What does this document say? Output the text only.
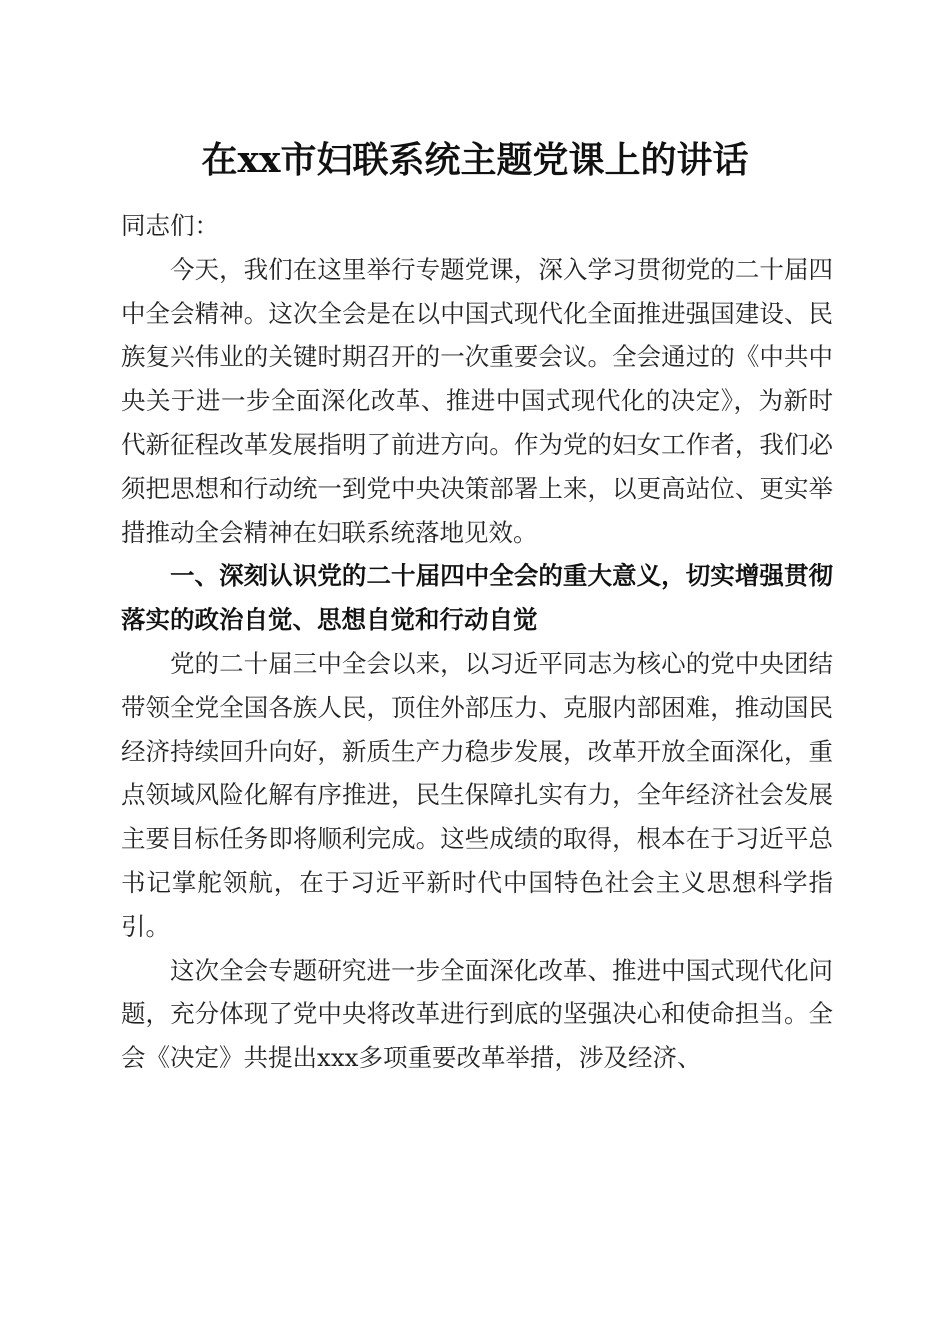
在xx市妇联系统主题党课上的讲话

同志们：

今天，我们在这里举行专题党课，深入学习贯彻党的二十届四中全会精神。这次全会是在以中国式现代化全面推进强国建设、民族复兴伟业的关键时期召开的一次重要会议。全会通过的《中共中央关于进一步全面深化改革、推进中国式现代化的决定》，为新时代新征程改革发展指明了前进方向。作为党的妇女工作者，我们必须把思想和行动统一到党中央决策部署上来，以更高站位、更实举措推动全会精神在妇联系统落地见效。

一、深刻认识党的二十届四中全会的重大意义，切实增强贯彻落实的政治自觉、思想自觉和行动自觉

党的二十届三中全会以来，以习近平同志为核心的党中央团结带领全党全国各族人民，顶住外部压力、克服内部困难，推动国民经济持续回升向好，新质生产力稳步发展，改革开放全面深化，重点领域风险化解有序推进，民生保障扎实有力，全年经济社会发展主要目标任务即将顺利完成。这些成绩的取得，根本在于习近平总书记掌舵领航，在于习近平新时代中国特色社会主义思想科学指引。

这次全会专题研究进一步全面深化改革、推进中国式现代化问题，充分体现了党中央将改革进行到底的坚强决心和使命担当。全会《决定》共提出xxx多项重要改革举措，涉及经济、
